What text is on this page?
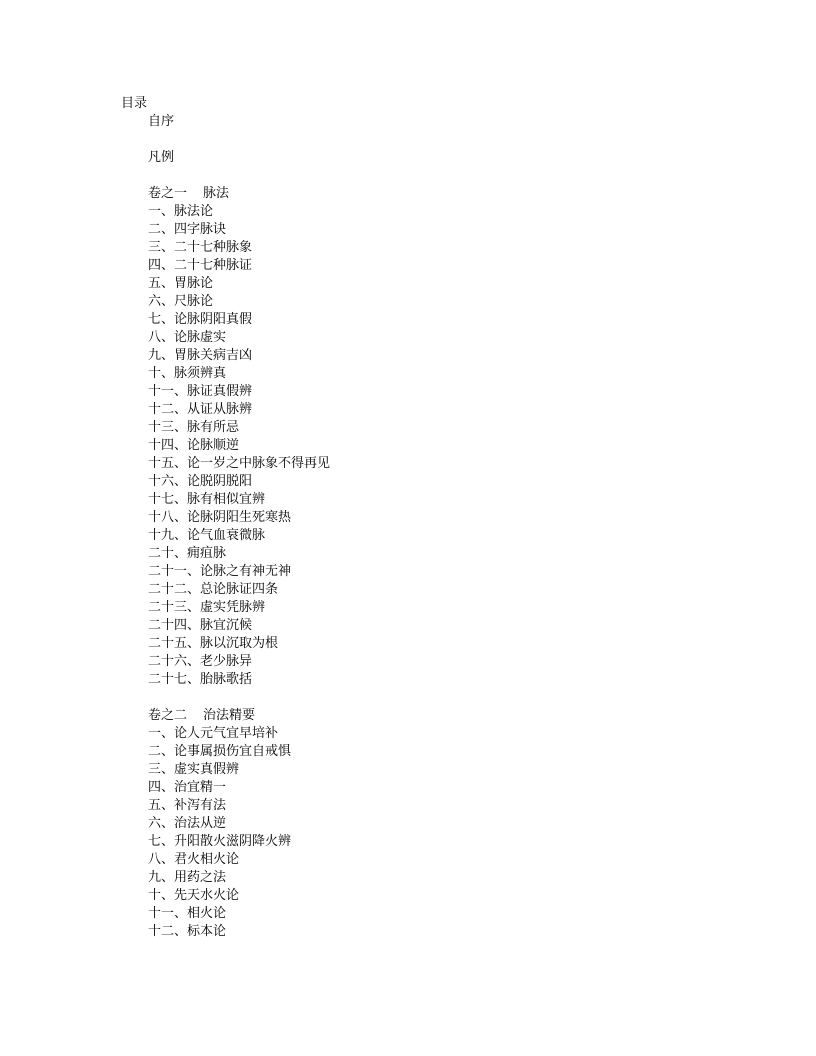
目录
自序
凡例
卷之一 脉法
一、脉法论
二、四字脉诀
三、二十七种脉象
四、二十七种脉证
五、胃脉论
六、尺脉论
七、论脉阴阳真假
八、论脉虚实
九、胃脉关病吉凶
十、脉须辨真
十一、脉证真假辨
十二、从证从脉辨
十三、脉有所忌
十四、论脉顺逆
十五、论一岁之中脉象不得再见
十六、论脱阴脱阳
十七、脉有相似宜辨
十八、论脉阴阳生死寒热
十九、论气血衰微脉
二十、痈疽脉
二十一、论脉之有神无神
二十二、总论脉证四条
二十三、虚实凭脉辨
二十四、脉宜沉候
二十五、脉以沉取为根
二十六、老少脉异
二十七、胎脉歌括
卷之二 治法精要
一、论人元气宜早培补
二、论事属损伤宜自戒惧
三、虚实真假辨
四、治宜精一
五、补泻有法
六、治法从逆
七、升阳散火滋阴降火辨
八、君火相火论
九、用药之法
十、先天水火论
十一、相火论
十二、标本论
